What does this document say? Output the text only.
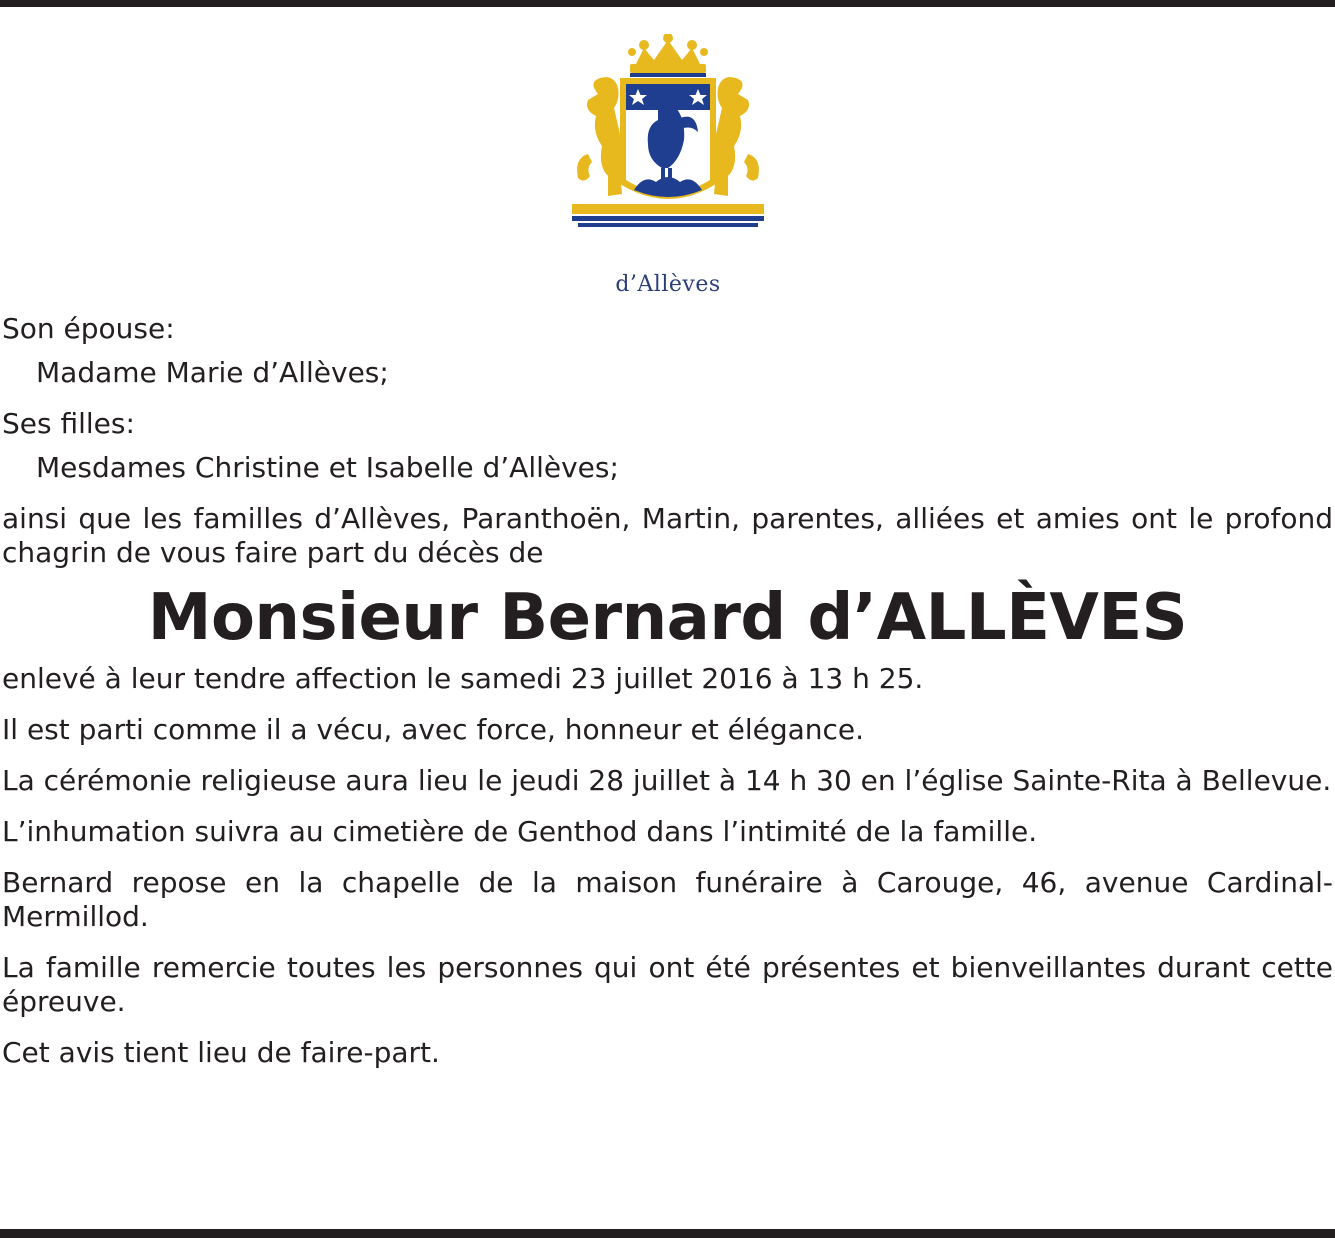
d’Allèves

Son épouse:

Madame Marie d’Allèves;

Ses filles:

Mesdames Christine et Isabelle d’Allèves;

ainsi que les familles d’Allèves, Paranthoën, Martin, parentes, alliées et amies ont le profond chagrin de vous faire part du décès de

Monsieur Bernard d’ALLÈVES

enlevé à leur tendre affection le samedi 23 juillet 2016 à 13 h 25.

Il est parti comme il a vécu, avec force, honneur et élégance.

La cérémonie religieuse aura lieu le jeudi 28 juillet à 14 h 30 en l’église Sainte-Rita à Bellevue.

L’inhumation suivra au cimetière de Genthod dans l’intimité de la famille.

Bernard repose en la chapelle de la maison funéraire à Carouge, 46, avenue Cardinal-Mermillod.

La famille remercie toutes les personnes qui ont été présentes et bienveillantes durant cette épreuve.

Cet avis tient lieu de faire-part.
